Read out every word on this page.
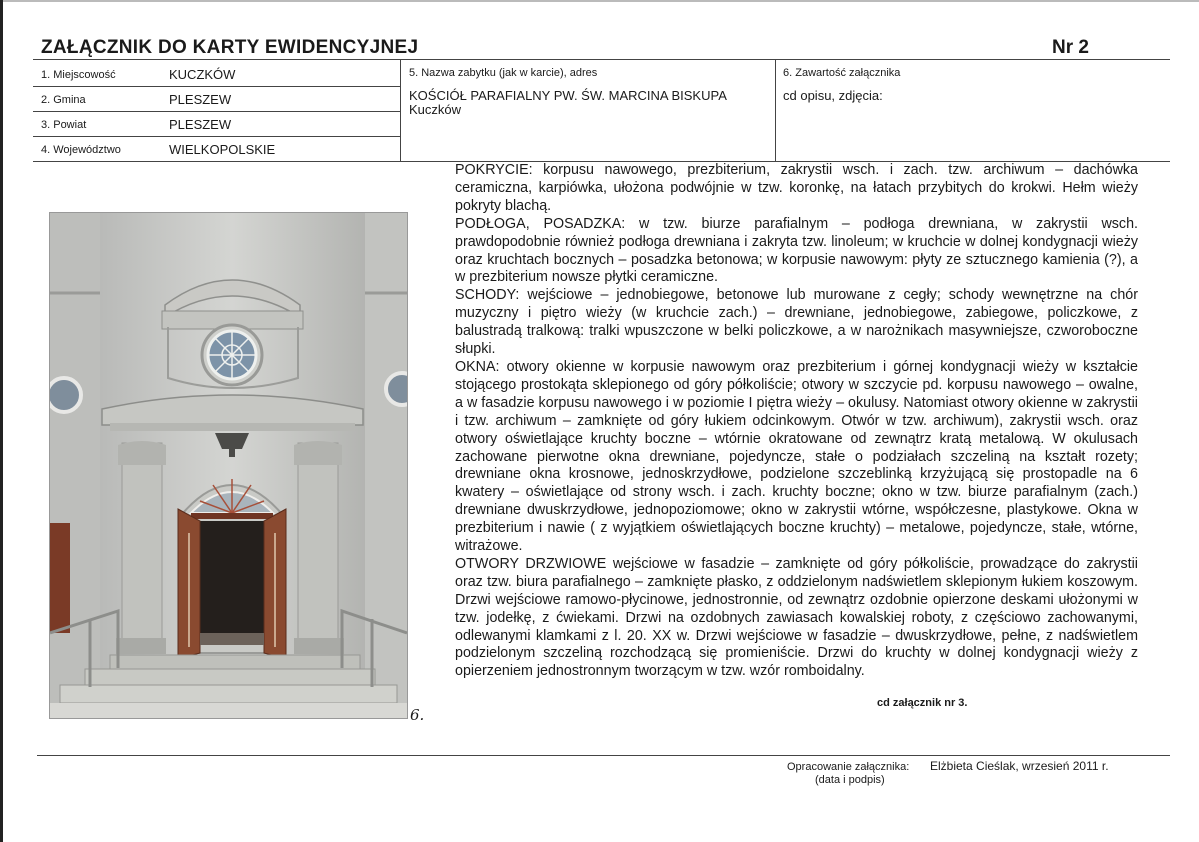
ZAŁĄCZNIK DO KARTY EWIDENCYJNEJ	Nr 2
1. Miejscowość	KUCZKÓW
2. Gmina	PLESZEW
3. Powiat	PLESZEW
4. Województwo	WIELKOPOLSKIE
5. Nazwa zabytku (jak w karcie), adres
KOŚCIÓŁ PARAFIALNY PW. ŚW. MARCINA BISKUPA
Kuczków
6. Zawartość załącznika
cd opisu, zdjęcia:

POKRYCIE: korpusu nawowego, prezbiterium, zakrystii wsch. i zach. tzw. archiwum – dachówka ceramiczna, karpiówka, ułożona podwójnie w tzw. koronkę, na łatach przybitych do krokwi. Hełm wieży pokryty blachą.

PODŁOGA, POSADZKA: w tzw. biurze parafialnym – podłoga drewniana, w zakrystii wsch. prawdopodobnie również podłoga drewniana i zakryta tzw. linoleum; w kruchcie w dolnej kondygnacji wieży oraz kruchtach bocznych – posadzka betonowa; w korpusie nawowym: płyty ze sztucznego kamienia (?), a w prezbiterium nowsze płytki ceramiczne.

SCHODY: wejściowe – jednobiegowe, betonowe lub murowane z cegły; schody wewnętrzne na chór muzyczny i piętro wieży (w kruchcie zach.) – drewniane, jednobiegowe, zabiegowe, policzkowe, z balustradą tralkową: tralki wpuszczone w belki policzkowe, a w narożnikach masywniejsze, czworoboczne słupki.

OKNA: otwory okienne w korpusie nawowym oraz prezbiterium i górnej kondygnacji wieży w kształcie stojącego prostokąta sklepionego od góry półkoliście; otwory w szczycie pd. korpusu nawowego – owalne, a w fasadzie korpusu nawowego i w poziomie I piętra wieży – okulusy. Natomiast otwory okienne w zakrystii i tzw. archiwum – zamknięte od góry łukiem odcinkowym. Otwór w tzw. archiwum), zakrystii wsch. oraz otwory oświetlające kruchty boczne – wtórnie okratowane od zewnątrz kratą metalową. W okulusach zachowane pierwotne okna drewniane, pojedyncze, stałe o podziałach szczeliną na kształt rozety; drewniane okna krosnowe, jednoskrzydłowe, podzielone szczeblinką krzyżującą się prostopadle na 6 kwatery – oświetlające od strony wsch. i zach. kruchty boczne; okno w tzw. biurze parafialnym (zach.) drewniane dwuskrzydłowe, jednopoziomowe; okno w zakrystii wtórne, współczesne, plastykowe. Okna w prezbiterium i nawie ( z wyjątkiem oświetlających boczne kruchty) – metalowe, pojedyncze, stałe, wtórne, witrażowe.

OTWORY DRZWIOWE wejściowe w fasadzie – zamknięte od góry półkoliście, prowadzące do zakrystii oraz tzw. biura parafialnego – zamknięte płasko, z oddzielonym nadświetlem sklepionym łukiem koszowym. Drzwi wejściowe ramowo-płycinowe, jednostronnie, od zewnątrz ozdobnie opierzone deskami ułożonymi w tzw. jodełkę, z ćwiekami. Drzwi na ozdobnych zawiasach kowalskiej roboty, z częściowo zachowanymi, odlewanymi klamkami z l. 20. XX w. Drzwi wejściowe w fasadzie – dwuskrzydłowe, pełne, z nadświetlem podzielonym szczeliną rozchodzącą się promieniście. Drzwi do kruchty w dolnej kondygnacji wieży z opierzeniem jednostronnym tworzącym w tzw. wzór romboidalny.

cd załącznik nr 3.
6.
Opracowanie załącznika:
(data i podpis)
Elżbieta Cieślak, wrzesień 2011 r.
